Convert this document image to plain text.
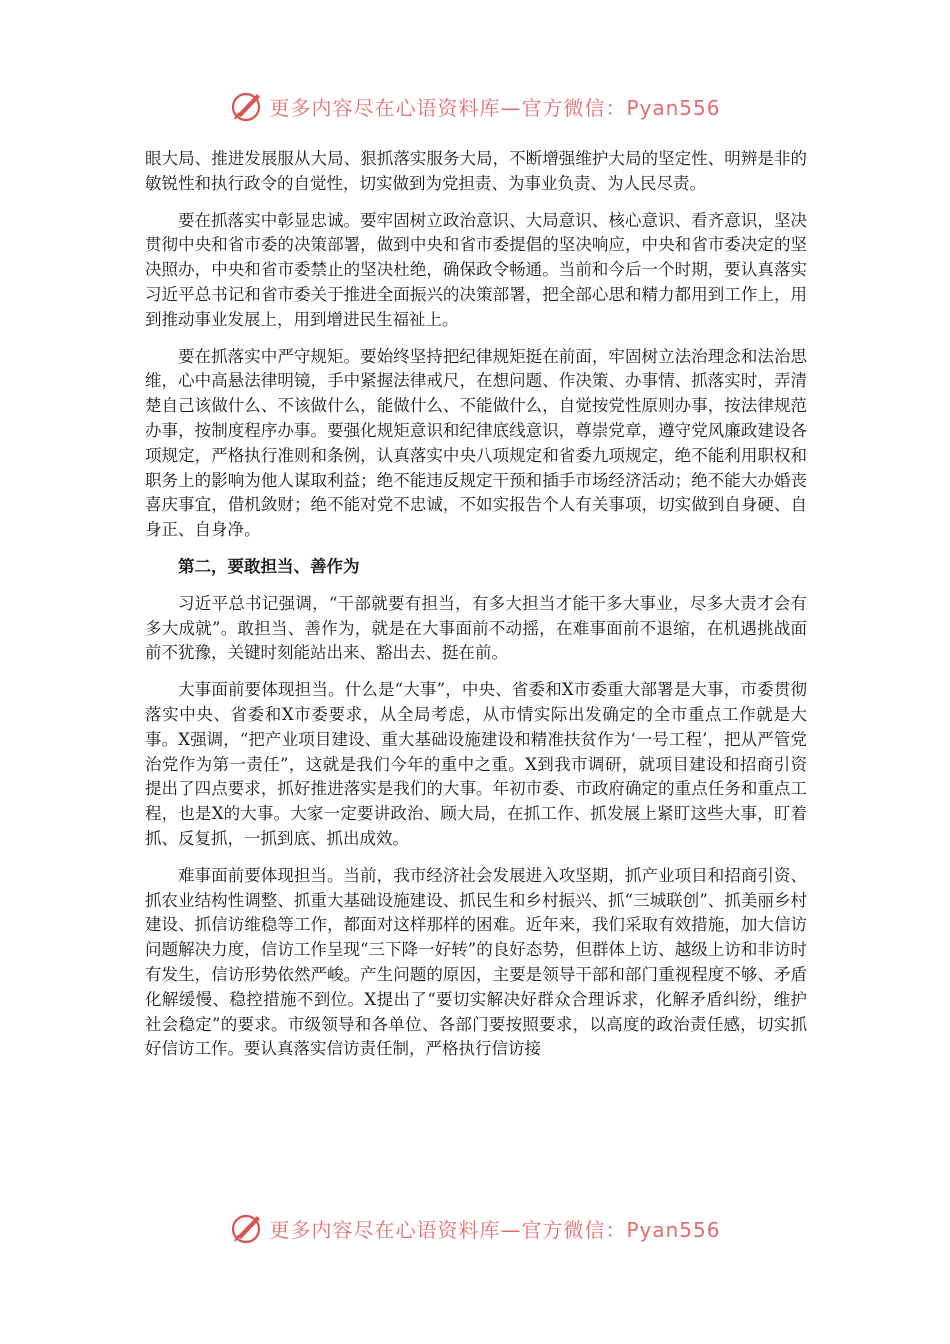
更多内容尽在心语资料库—官方微信：Pyan556

眼大局、推进发展服从大局、狠抓落实服务大局，不断增强维护大局的坚定性、明辨是非的敏锐性和执行政令的自觉性，切实做到为党担责、为事业负责、为人民尽责。

要在抓落实中彰显忠诚。要牢固树立政治意识、大局意识、核心意识、看齐意识，坚决贯彻中央和省市委的决策部署，做到中央和省市委提倡的坚决响应，中央和省市委决定的坚决照办，中央和省市委禁止的坚决杜绝，确保政令畅通。当前和今后一个时期，要认真落实习近平总书记和省市委关于推进全面振兴的决策部署，把全部心思和精力都用到工作上，用到推动事业发展上，用到增进民生福祉上。

要在抓落实中严守规矩。要始终坚持把纪律规矩挺在前面，牢固树立法治理念和法治思维，心中高悬法律明镜，手中紧握法律戒尺，在想问题、作决策、办事情、抓落实时，弄清楚自己该做什么、不该做什么，能做什么、不能做什么，自觉按党性原则办事，按法律规范办事，按制度程序办事。要强化规矩意识和纪律底线意识，尊崇党章，遵守党风廉政建设各项规定，严格执行准则和条例，认真落实中央八项规定和省委九项规定，绝不能利用职权和职务上的影响为他人谋取利益；绝不能违反规定干预和插手市场经济活动；绝不能大办婚丧喜庆事宜，借机敛财；绝不能对党不忠诚，不如实报告个人有关事项，切实做到自身硬、自身正、自身净。

第二，要敢担当、善作为

习近平总书记强调，“干部就要有担当，有多大担当才能干多大事业，尽多大责才会有多大成就”。敢担当、善作为，就是在大事面前不动摇，在难事面前不退缩，在机遇挑战面前不犹豫，关键时刻能站出来、豁出去、挺在前。

大事面前要体现担当。什么是“大事”，中央、省委和X市委重大部署是大事，市委贯彻落实中央、省委和X市委要求，从全局考虑，从市情实际出发确定的全市重点工作就是大事。X强调，“把产业项目建设、重大基础设施建设和精准扶贫作为‘一号工程’，把从严管党治党作为第一责任”，这就是我们今年的重中之重。X到我市调研，就项目建设和招商引资提出了四点要求，抓好推进落实是我们的大事。年初市委、市政府确定的重点任务和重点工程，也是X的大事。大家一定要讲政治、顾大局，在抓工作、抓发展上紧盯这些大事，盯着抓、反复抓，一抓到底、抓出成效。

难事面前要体现担当。当前，我市经济社会发展进入攻坚期，抓产业项目和招商引资、抓农业结构性调整、抓重大基础设施建设、抓民生和乡村振兴、抓“三城联创”、抓美丽乡村建设、抓信访维稳等工作，都面对这样那样的困难。近年来，我们采取有效措施，加大信访问题解决力度，信访工作呈现“三下降一好转”的良好态势，但群体上访、越级上访和非访时有发生，信访形势依然严峻。产生问题的原因，主要是领导干部和部门重视程度不够、矛盾化解缓慢、稳控措施不到位。X提出了“要切实解决好群众合理诉求，化解矛盾纠纷，维护社会稳定”的要求。市级领导和各单位、各部门要按照要求，以高度的政治责任感，切实抓好信访工作。要认真落实信访责任制，严格执行信访接

更多内容尽在心语资料库—官方微信：Pyan556
